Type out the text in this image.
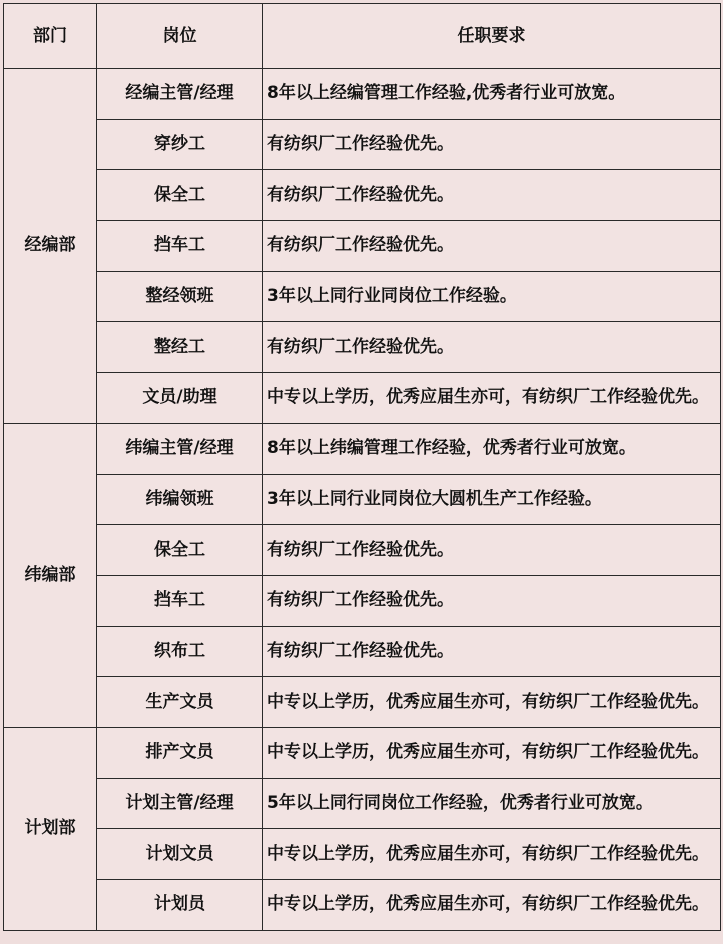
部门	岗位	任职要求
经编部	经编主管/经理	8年以上经编管理工作经验,优秀者行业可放宽。
	穿纱工	有纺织厂工作经验优先。
	保全工	有纺织厂工作经验优先。
	挡车工	有纺织厂工作经验优先。
	整经领班	3年以上同行业同岗位工作经验。
	整经工	有纺织厂工作经验优先。
	文员/助理	中专以上学历，优秀应届生亦可，有纺织厂工作经验优先。
纬编部	纬编主管/经理	8年以上纬编管理工作经验，优秀者行业可放宽。
	纬编领班	3年以上同行业同岗位大圆机生产工作经验。
	保全工	有纺织厂工作经验优先。
	挡车工	有纺织厂工作经验优先。
	织布工	有纺织厂工作经验优先。
	生产文员	中专以上学历，优秀应届生亦可，有纺织厂工作经验优先。
计划部	排产文员	中专以上学历，优秀应届生亦可，有纺织厂工作经验优先。
	计划主管/经理	5年以上同行同岗位工作经验，优秀者行业可放宽。
	计划文员	中专以上学历，优秀应届生亦可，有纺织厂工作经验优先。
	计划员	中专以上学历，优秀应届生亦可，有纺织厂工作经验优先。
